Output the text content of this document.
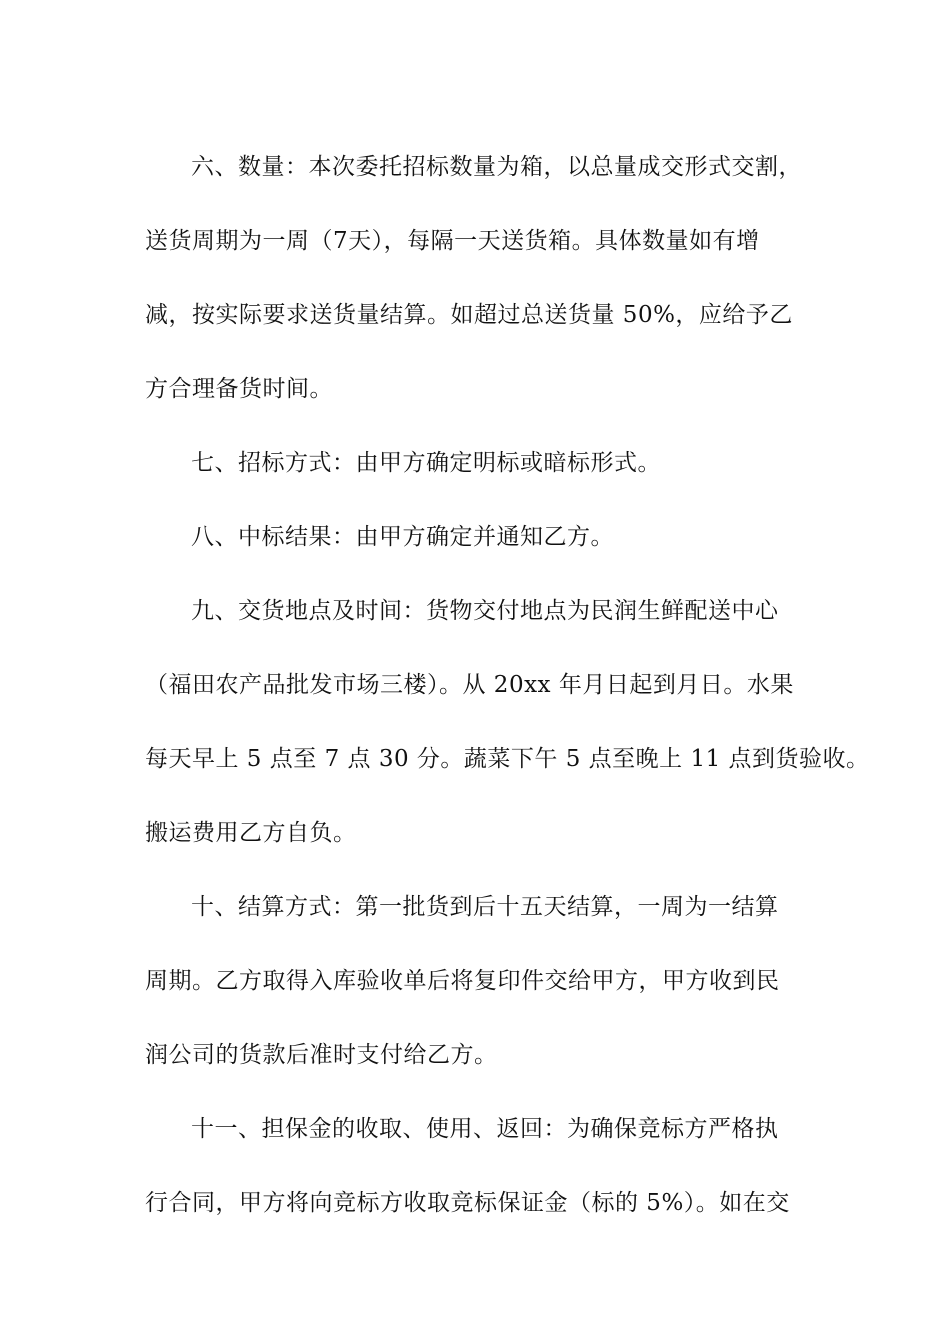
六、数量：本次委托招标数量为箱，以总量成交形式交割，
送货周期为一周（7天），每隔一天送货箱。具体数量如有增
减，按实际要求送货量结算。如超过总送货量 50%，应给予乙
方合理备货时间。
七、招标方式：由甲方确定明标或暗标形式。
八、中标结果：由甲方确定并通知乙方。
九、交货地点及时间：货物交付地点为民润生鲜配送中心
（福田农产品批发市场三楼）。从 20xx 年月日起到月日。水果
每天早上 5 点至 7 点 30 分。蔬菜下午 5 点至晚上 11 点到货验收。
搬运费用乙方自负。
十、结算方式：第一批货到后十五天结算，一周为一结算
周期。乙方取得入库验收单后将复印件交给甲方，甲方收到民
润公司的货款后准时支付给乙方。
十一、担保金的收取、使用、返回：为确保竞标方严格执
行合同，甲方将向竞标方收取竞标保证金（标的 5%）。如在交
